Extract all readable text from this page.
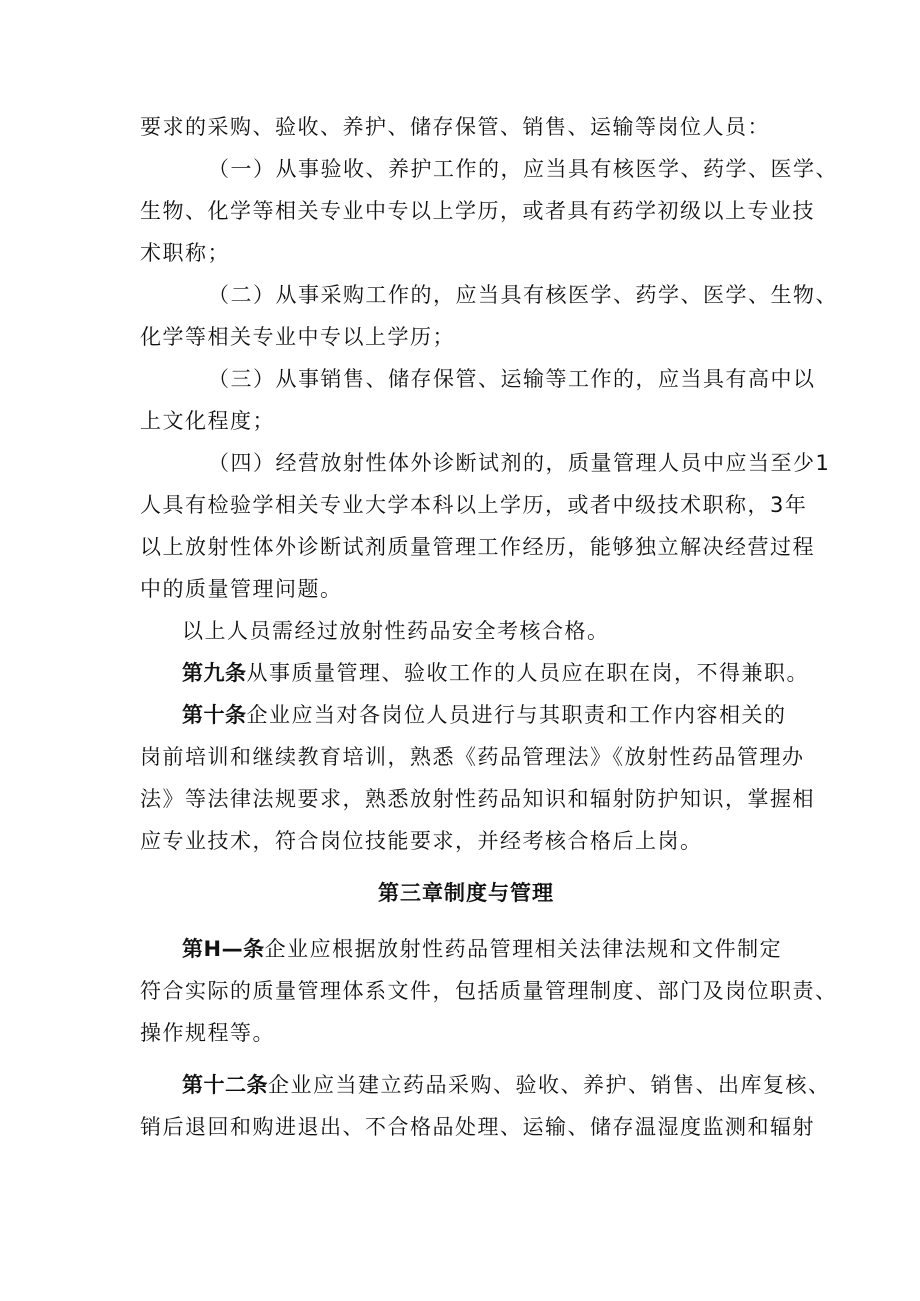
要求的采购、验收、养护、储存保管、销售、运输等岗位人员：
（一）从事验收、养护工作的，应当具有核医学、药学、医学、
生物、化学等相关专业中专以上学历，或者具有药学初级以上专业技
术职称；
（二）从事采购工作的，应当具有核医学、药学、医学、生物、
化学等相关专业中专以上学历；
（三）从事销售、储存保管、运输等工作的，应当具有高中以
上文化程度；
（四）经营放射性体外诊断试剂的，质量管理人员中应当至少1
人具有检验学相关专业大学本科以上学历，或者中级技术职称，3年
以上放射性体外诊断试剂质量管理工作经历，能够独立解决经营过程
中的质量管理问题。
以上人员需经过放射性药品安全考核合格。
第九条从事质量管理、验收工作的人员应在职在岗，不得兼职。
第十条企业应当对各岗位人员进行与其职责和工作内容相关的
岗前培训和继续教育培训，熟悉《药品管理法》《放射性药品管理办
法》等法律法规要求，熟悉放射性药品知识和辐射防护知识，掌握相
应专业技术，符合岗位技能要求，并经考核合格后上岗。
第三章制度与管理
第H—条企业应根据放射性药品管理相关法律法规和文件制定
符合实际的质量管理体系文件，包括质量管理制度、部门及岗位职责、
操作规程等。
第十二条企业应当建立药品采购、验收、养护、销售、出库复核、
销后退回和购进退出、不合格品处理、运输、储存温湿度监测和辐射
